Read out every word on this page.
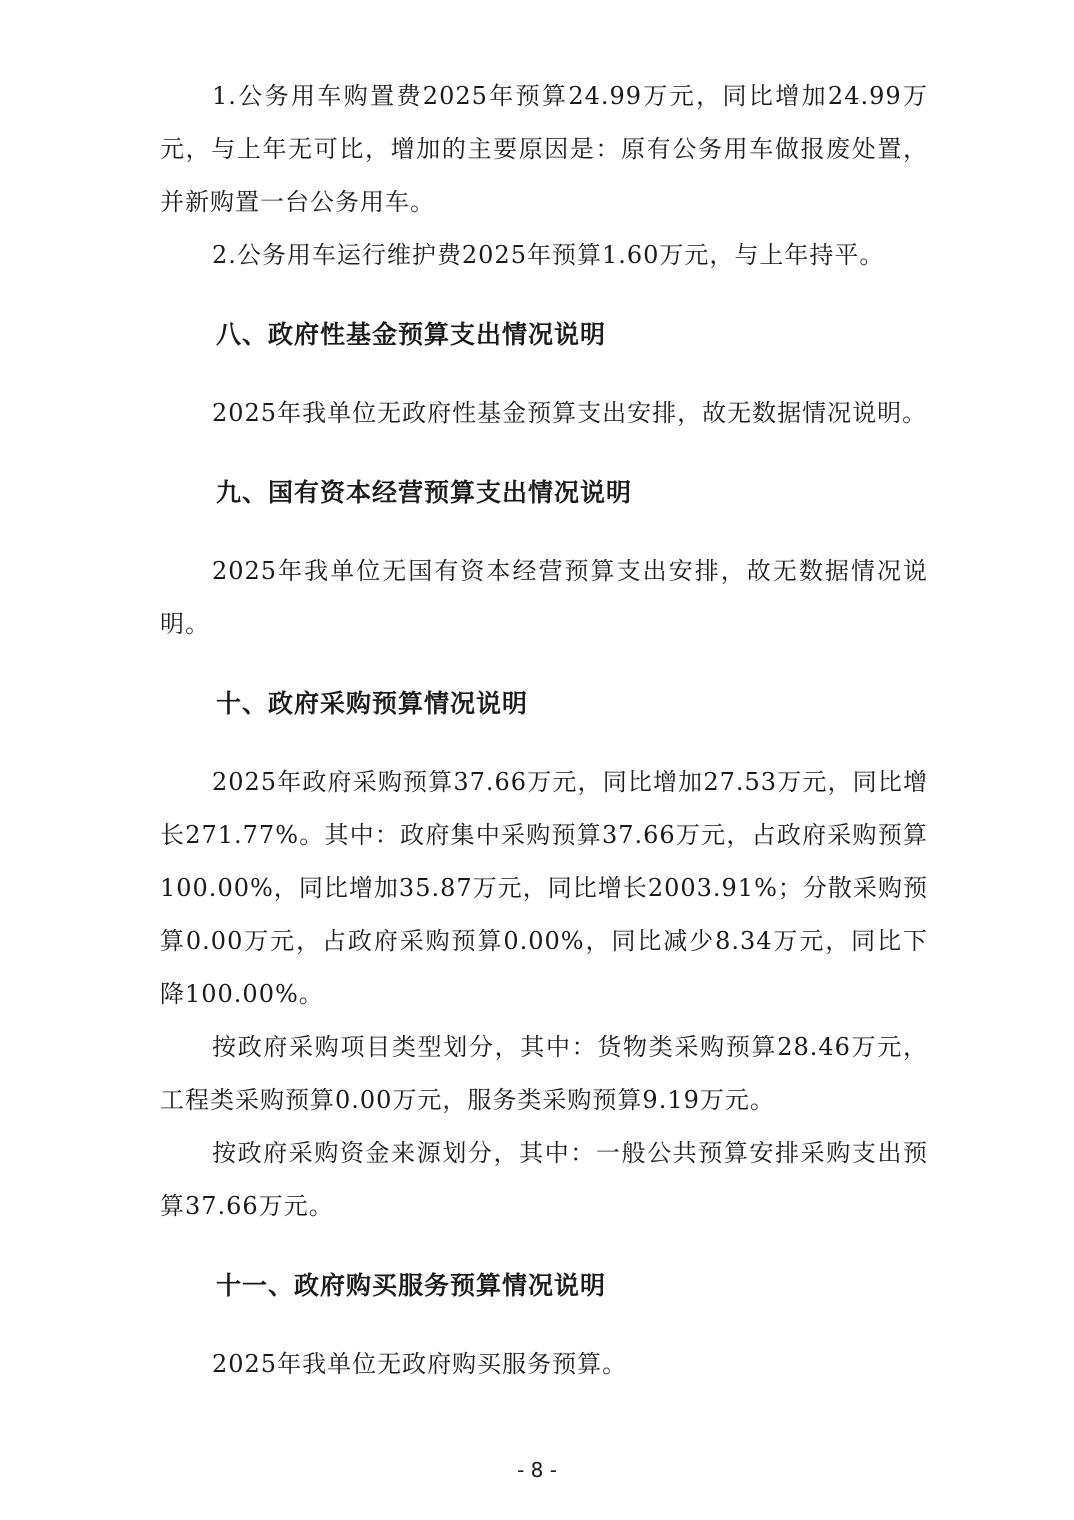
1.公务用车购置费2025年预算24.99万元，同比增加24.99万元，与上年无可比，增加的主要原因是：原有公务用车做报废处置，并新购置一台公务用车。

2.公务用车运行维护费2025年预算1.60万元，与上年持平。

八、政府性基金预算支出情况说明

2025年我单位无政府性基金预算支出安排，故无数据情况说明。

九、国有资本经营预算支出情况说明

2025年我单位无国有资本经营预算支出安排，故无数据情况说明。

十、政府采购预算情况说明

2025年政府采购预算37.66万元，同比增加27.53万元，同比增长271.77%。其中：政府集中采购预算37.66万元，占政府采购预算100.00%，同比增加35.87万元，同比增长2003.91%；分散采购预算0.00万元，占政府采购预算0.00%，同比减少8.34万元，同比下降100.00%。

按政府采购项目类型划分，其中：货物类采购预算28.46万元，工程类采购预算0.00万元，服务类采购预算9.19万元。

按政府采购资金来源划分，其中：一般公共预算安排采购支出预算37.66万元。

十一、政府购买服务预算情况说明

2025年我单位无政府购买服务预算。

- 8 -
